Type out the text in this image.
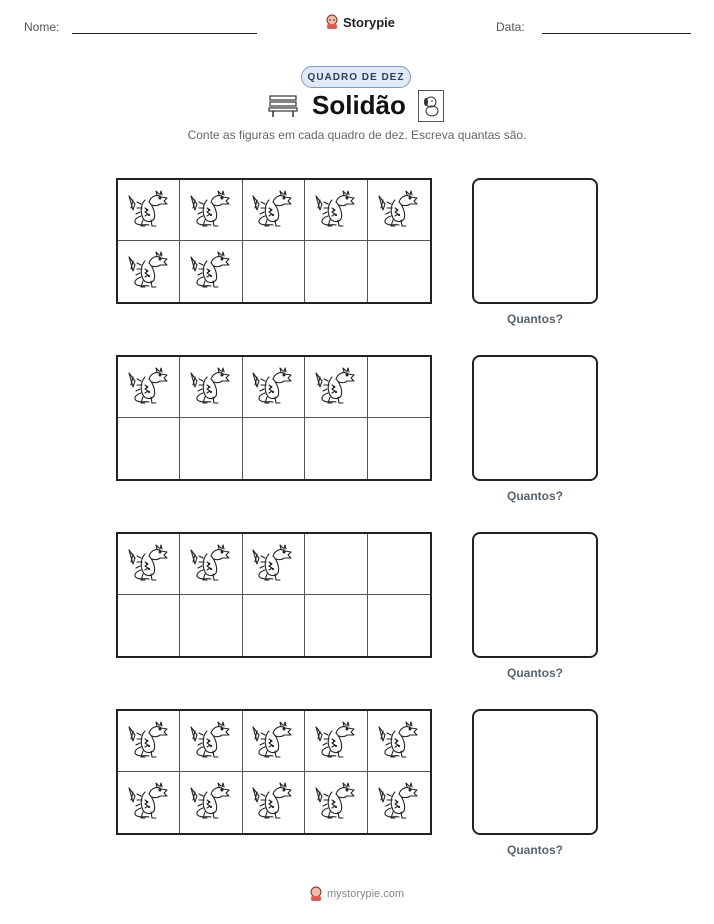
Nome:	Storypie	Data:
QUADRO DE DEZ
Solidão
Conte as figuras em cada quadro de dez. Escreva quantas são.
Quantos?
Quantos?
Quantos?
Quantos?
mystorypie.com
